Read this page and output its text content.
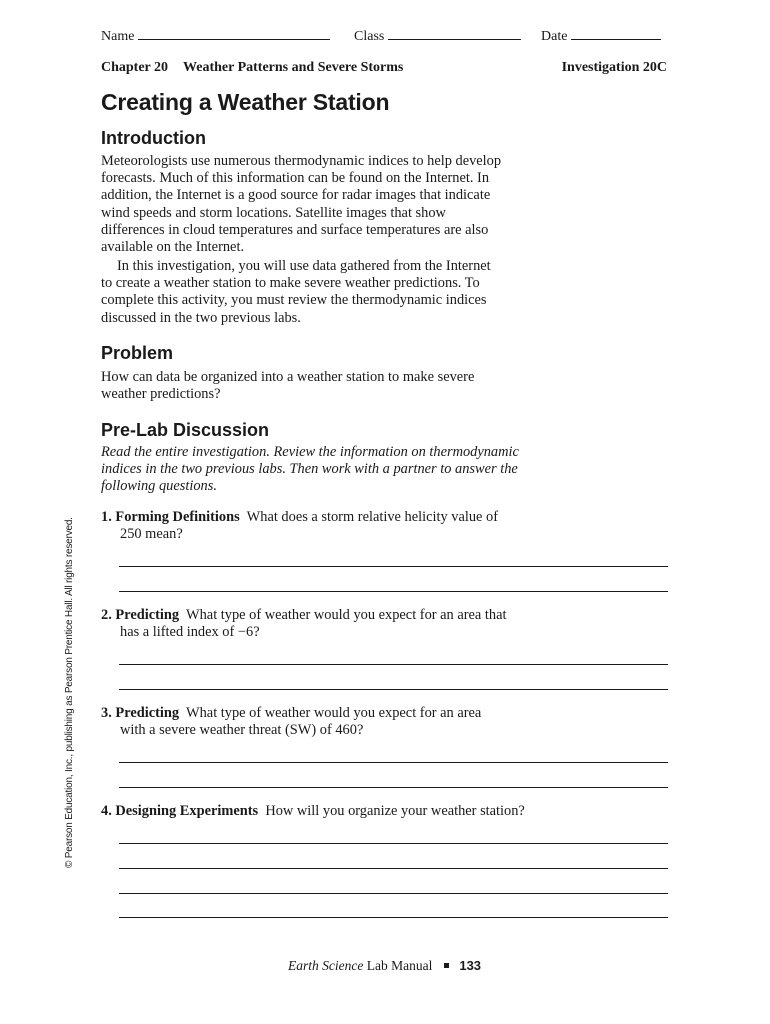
Name	Class	Date
Chapter 20 Weather Patterns and Severe Storms	Investigation 20C
Creating a Weather Station
Introduction
Meteorologists use numerous thermodynamic indices to help develop
forecasts. Much of this information can be found on the Internet. In
addition, the Internet is a good source for radar images that indicate
wind speeds and storm locations. Satellite images that show
differences in cloud temperatures and surface temperatures are also
available on the Internet.
In this investigation, you will use data gathered from the Internet
to create a weather station to make severe weather predictions. To
complete this activity, you must review the thermodynamic indices
discussed in the two previous labs.
Problem
How can data be organized into a weather station to make severe
weather predictions?
Pre-Lab Discussion
Read the entire investigation. Review the information on thermodynamic
indices in the two previous labs. Then work with a partner to answer the
following questions.
1. Forming Definitions What does a storm relative helicity value of
250 mean?
2. Predicting What type of weather would you expect for an area that
has a lifted index of −6?
3. Predicting What type of weather would you expect for an area
with a severe weather threat (SW) of 460?
4. Designing Experiments How will you organize your weather station?
© Pearson Education, Inc., publishing as Pearson Prentice Hall. All rights reserved.
Earth Science Lab Manual 133
